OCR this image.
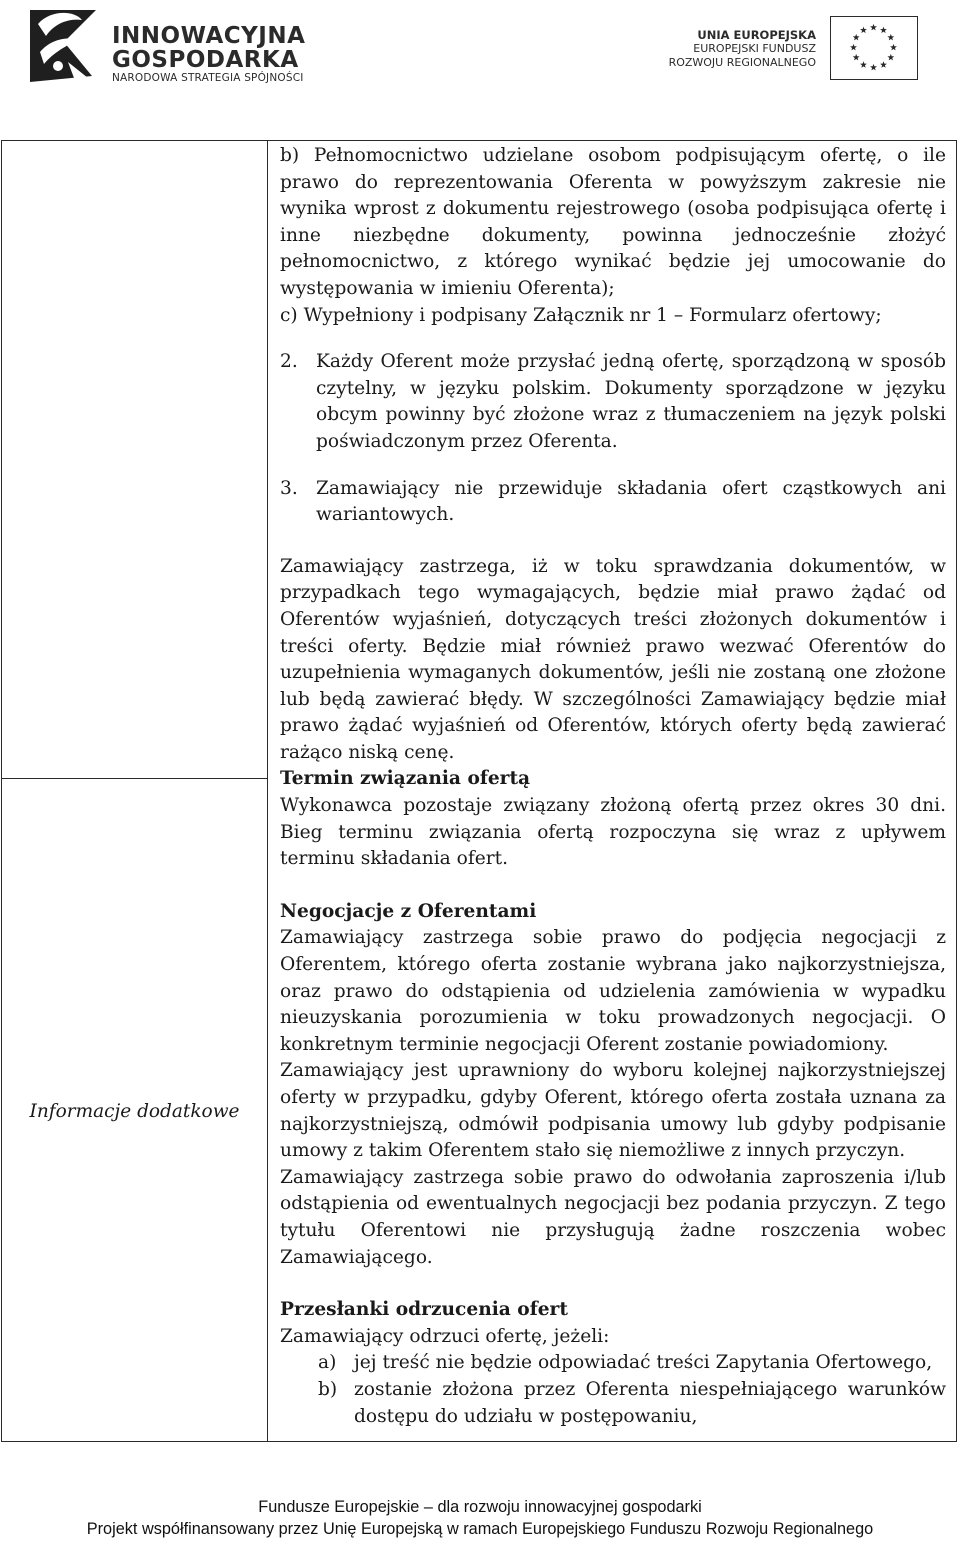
INNOWACYJNA
GOSPODARKA
NARODOWA STRATEGIA SPÓJNOŚCI
UNIA EUROPEJSKA
EUROPEJSKI FUNDUSZ
ROZWOJU REGIONALNEGO
Informacje dodatkowe

b) Pełnomocnictwo udzielane osobom podpisującym ofertę, o ile prawo do reprezentowania Oferenta w powyższym zakresie nie wynika wprost z dokumentu rejestrowego (osoba podpisująca ofertę i inne niezbędne dokumenty, powinna jednocześnie złożyć pełnomocnictwo, z którego wynikać będzie jej umocowanie do występowania w imieniu Oferenta);

c) Wypełniony i podpisany Załącznik nr 1 – Formularz ofertowy;

2. Każdy Oferent może przysłać jedną ofertę, sporządzoną w sposób czytelny, w języku polskim. Dokumenty sporządzone w języku obcym powinny być złożone wraz z tłumaczeniem na język polski poświadczonym przez Oferenta.
3. Zamawiający nie przewiduje składania ofert cząstkowych ani wariantowych.

Zamawiający zastrzega, iż w toku sprawdzania dokumentów, w przypadkach tego wymagających, będzie miał prawo żądać od Oferentów wyjaśnień, dotyczących treści złożonych dokumentów i treści oferty. Będzie miał również prawo wezwać Oferentów do uzupełnienia wymaganych dokumentów, jeśli nie zostaną one złożone lub będą zawierać błędy. W szczególności Zamawiający będzie miał prawo żądać wyjaśnień od Oferentów, których oferty będą zawierać rażąco niską cenę.

Termin związania ofertą

Wykonawca pozostaje związany złożoną ofertą przez okres 30 dni. Bieg terminu związania ofertą rozpoczyna się wraz z upływem terminu składania ofert.

Negocjacje z Oferentami

Zamawiający zastrzega sobie prawo do podjęcia negocjacji z Oferentem, którego oferta zostanie wybrana jako najkorzystniejsza, oraz prawo do odstąpienia od udzielenia zamówienia w wypadku nieuzyskania porozumienia w toku prowadzonych negocjacji. O konkretnym terminie negocjacji Oferent zostanie powiadomiony.

Zamawiający jest uprawniony do wyboru kolejnej najkorzystniejszej oferty w przypadku, gdyby Oferent, którego oferta została uznana za najkorzystniejszą, odmówił podpisania umowy lub gdyby podpisanie umowy z takim Oferentem stało się niemożliwe z innych przyczyn.

Zamawiający zastrzega sobie prawo do odwołania zaproszenia i/lub odstąpienia od ewentualnych negocjacji bez podania przyczyn. Z tego tytułu Oferentowi nie przysługują żadne roszczenia wobec Zamawiającego.

Przesłanki odrzucenia ofert

Zamawiający odrzuci ofertę, jeżeli:

a) jej treść nie będzie odpowiadać treści Zapytania Ofertowego,
b) zostanie złożona przez Oferenta niespełniającego warunków dostępu do udziału w postępowaniu,
Fundusze Europejskie – dla rozwoju innowacyjnej gospodarki
Projekt współfinansowany przez Unię Europejską w ramach Europejskiego Funduszu Rozwoju Regionalnego
